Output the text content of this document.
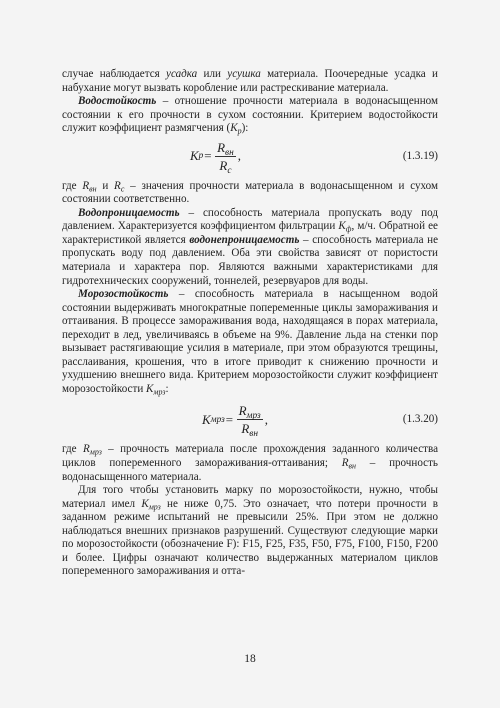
случае наблюдается усадка или усушка материала. Поочередные усадка и набухание могут вызвать коробление или растрескивание материала.

Водостойкость – отношение прочности материала в водонасыщенном состоянии к его прочности в сухом состоянии. Критерием водостойкости служит коэффициент размягчения $(К_р)$:

К $р = \frac{R_{вн}}{R_c}$ ,	(1.3.19)

где $R_{вн}$ и $R_с$ – значения прочности материала в водонасыщенном и сухом состоянии соответственно.

Водопроницаемость – способность материала пропускать воду под давлением. Характеризуется коэффициентом фильтрации $К_ф$, м/ч. Обратной ее характеристикой является водонепроницаемость – способность материала не пропускать воду под давлением. Оба эти свойства зависят от пористости материала и характера пор. Являются важными характеристиками для гидротехнических сооружений, тоннелей, резервуаров для воды.

Морозостойкость – способность материала в насыщенном водой состоянии выдерживать многократные попеременные циклы замораживания и оттаивания. В процессе замораживания вода, находящаяся в порах материала, переходит в лед, увеличиваясь в объеме на 9%. Давление льда на стенки пор вызывает растягивающие усилия в материале, при этом образуются трещины, расслаивания, крошения, что в итоге приводит к снижению прочности и ухудшению внешнего вида. Критерием морозостойкости служит коэффициент морозостойкости $К_{мрз}$:

К мрз = $\frac{R_{мрз}}{R_{вн}}$ ,	(1.3.20)

где $R_{мрз}$ – прочность материала после прохождения заданного количества циклов попеременного замораживания-оттаивания; $R_{вн}$ – прочность водонасыщенного материала.

Для того чтобы установить марку по морозостойкости, нужно, чтобы материал имел $К_{мрз}$ не ниже 0,75. Это означает, что потери прочности в заданном режиме испытаний не превысили 25%. При этом не должно наблюдаться внешних признаков разрушений. Существуют следующие марки по морозостойкости (обозначение F): F15, F25, F35, F50, F75, F100, F150, F200 и более. Цифры означают количество выдержанных материалом циклов попеременного замораживания и отта-

18
